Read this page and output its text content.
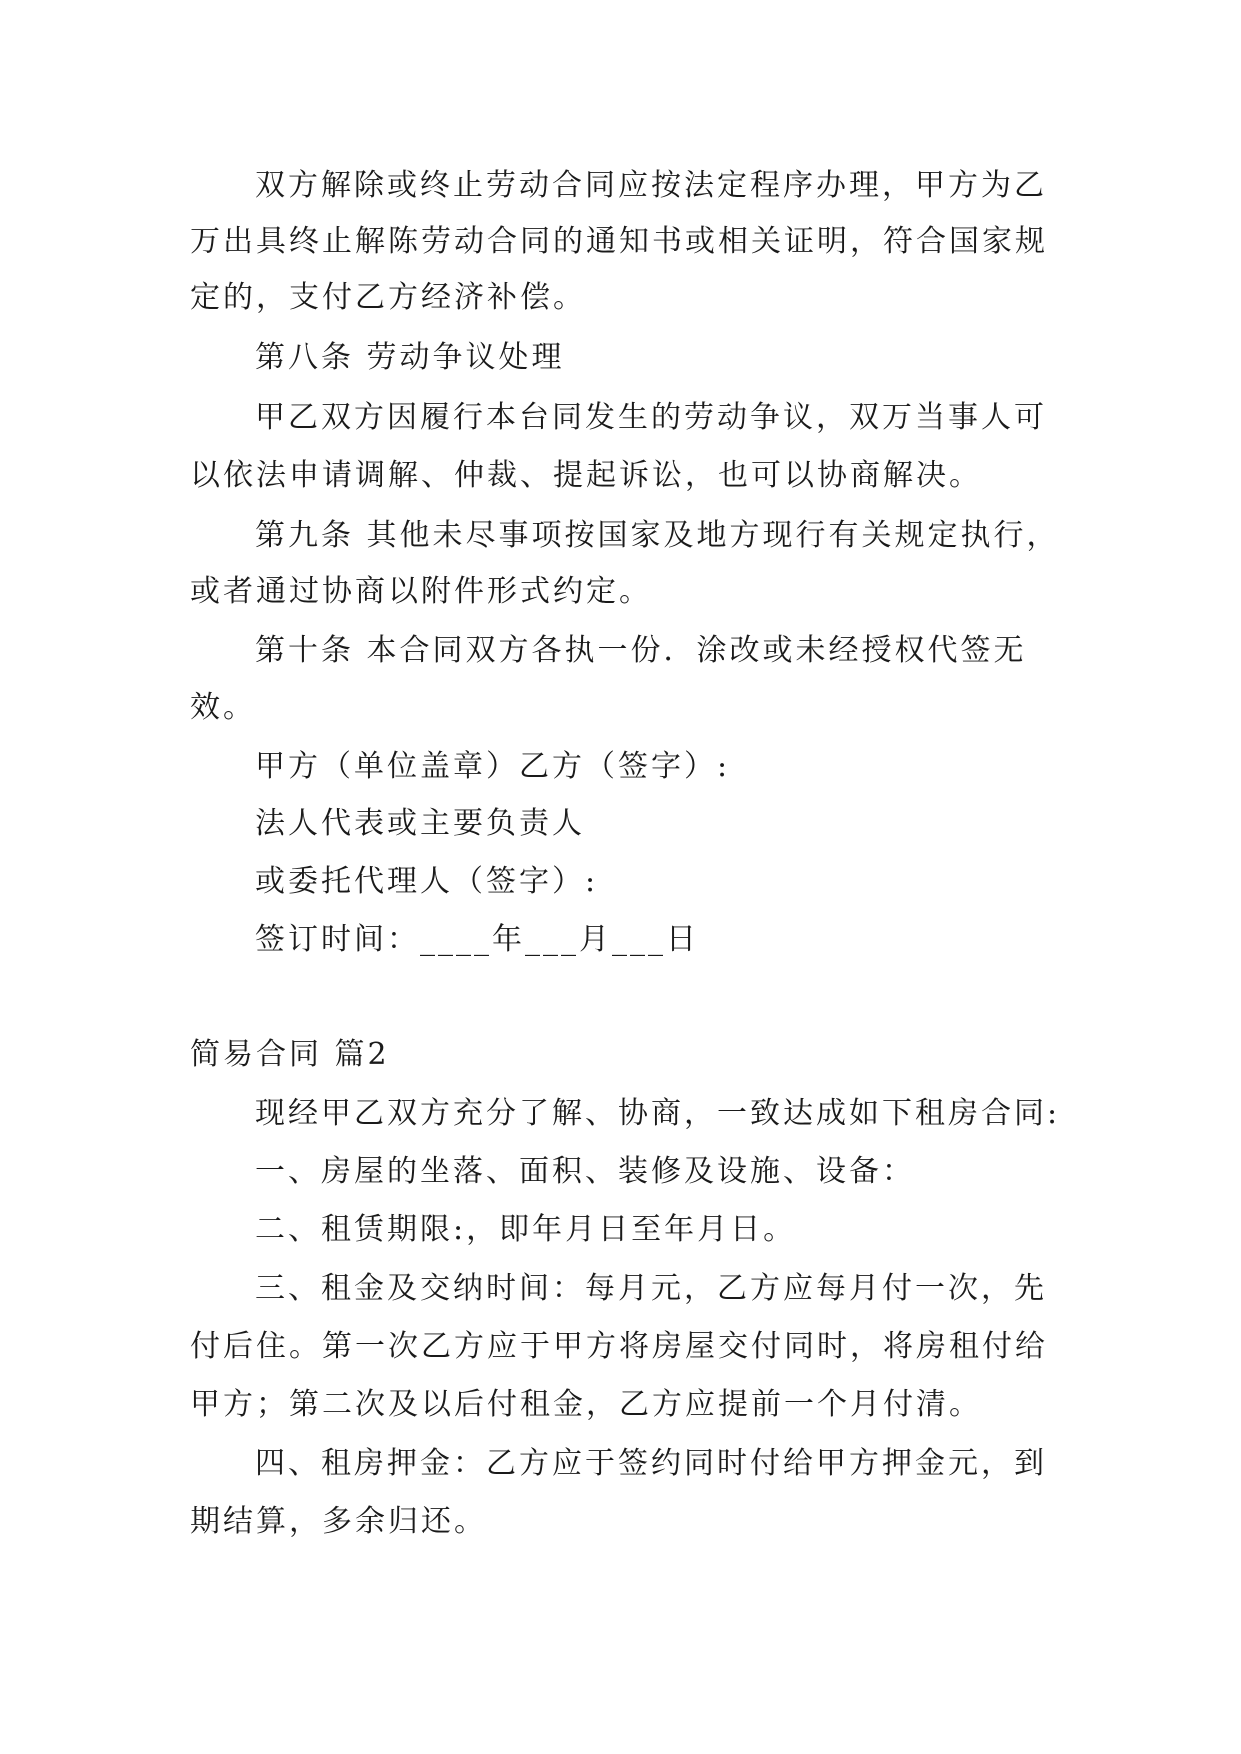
双方解除或终止劳动合同应按法定程序办理，甲方为乙
万出具终止解陈劳动合同的通知书或相关证明，符合国家规
定的，支付乙方经济补偿。
第八条 劳动争议处理
甲乙双方因履行本台同发生的劳动争议，双万当事人可
以依法申请调解、仲裁、提起诉讼，也可以协商解决。
第九条 其他未尽事项按国家及地方现行有关规定执行，
或者通过协商以附件形式约定。
第十条 本合同双方各执一份．涂改或未经授权代签无
效。
甲方（单位盖章）乙方（签字）:
法人代表或主要负责人
或委托代理人（签字）:
签订时间：____年___月___日
简易合同 篇2
现经甲乙双方充分了解、协商，一致达成如下租房合同:
一、房屋的坐落、面积、装修及设施、设备：
二、租赁期限:，即年月日至年月日。
三、租金及交纳时间：每月元，乙方应每月付一次，先
付后住。第一次乙方应于甲方将房屋交付同时，将房租付给
甲方；第二次及以后付租金，乙方应提前一个月付清。
四、租房押金：乙方应于签约同时付给甲方押金元，到
期结算，多余归还。
